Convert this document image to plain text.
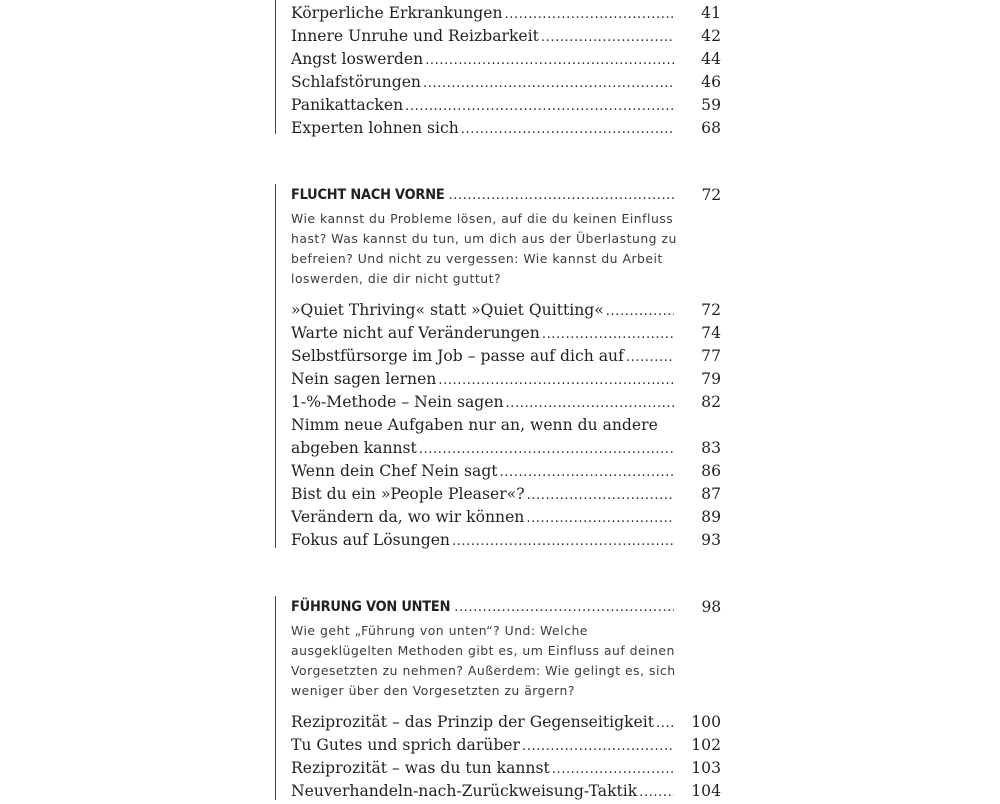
Körperliche Erkrankungen .....	41
Innere Unruhe und Reizbarkeit .....	42
Angst loswerden .....	44
Schlafstörungen .....	46
Panikattacken .....	59
Experten lohnen sich .....	68
FLUCHT NACH VORNE .....	72
Wie kannst du Probleme lösen, auf die du keinen Einfluss hast? Was kannst du tun, um dich aus der Überlastung zu befreien? Und nicht zu vergessen: Wie kannst du Arbeit loswerden, die dir nicht guttut?
»Quiet Thriving« statt »Quiet Quitting« .....	72
Warte nicht auf Veränderungen .....	74
Selbstfürsorge im Job – passe auf dich auf .....	77
Nein sagen lernen .....	79
1-%-Methode – Nein sagen .....	82
Nimm neue Aufgaben nur an, wenn du andere
abgeben kannst .....	83
Wenn dein Chef Nein sagt .....	86
Bist du ein »People Pleaser«? .....	87
Verändern da, wo wir können .....	89
Fokus auf Lösungen .....	93
FÜHRUNG VON UNTEN .....	98
Wie geht „Führung von unten“? Und: Welche ausgeklügelten Methoden gibt es, um Einfluss auf deinen Vorgesetzten zu nehmen? Außerdem: Wie gelingt es, sich weniger über den Vorgesetzten zu ärgern?
Reziprozität – das Prinzip der Gegenseitigkeit ..... 100
Tu Gutes und sprich darüber .....	102
Reziprozität – was du tun kannst .....	103
Neuverhandeln-nach-Zurückweisung-Taktik .....	104
